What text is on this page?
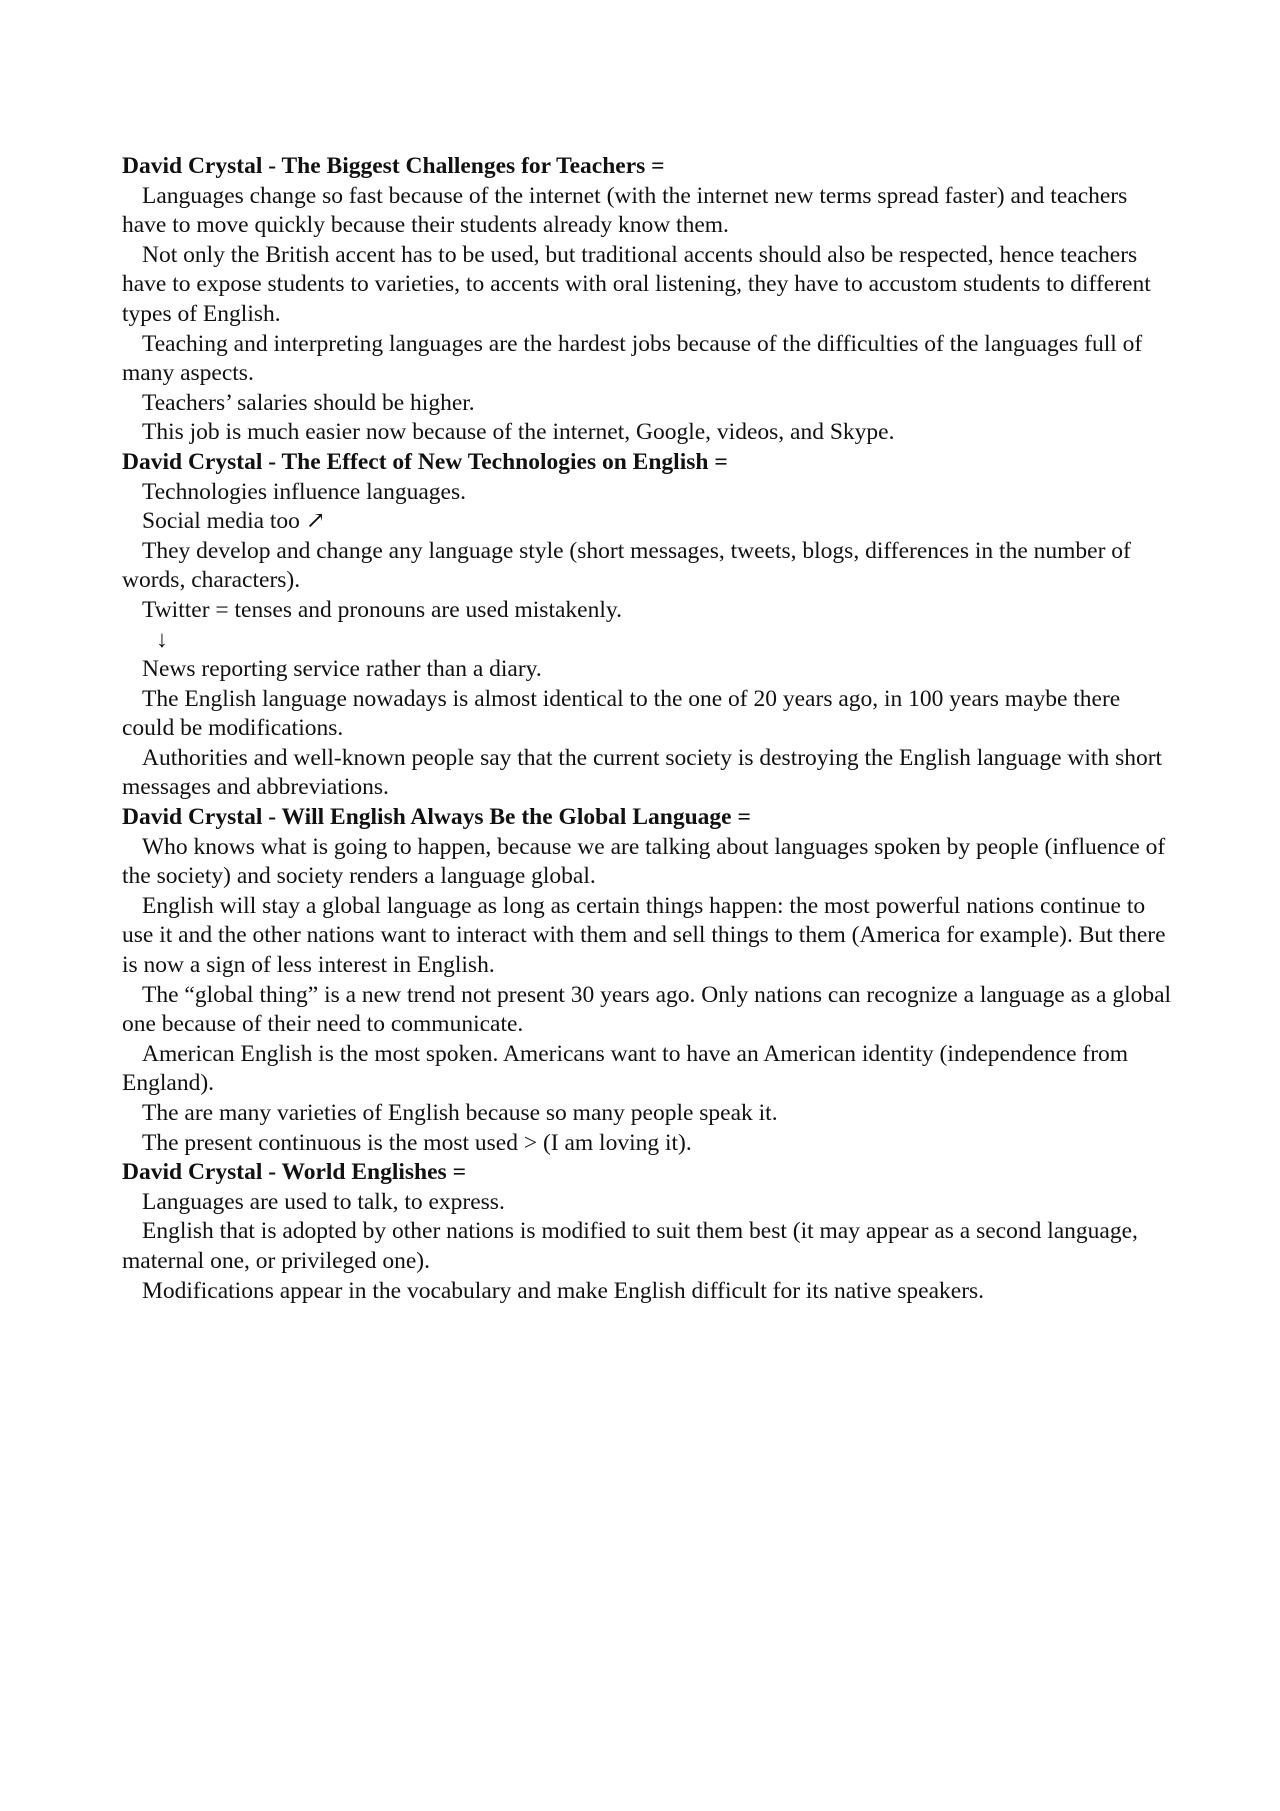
David Crystal - The Biggest Challenges for Teachers =

Languages change so fast because of the internet (with the internet new terms spread faster) and teachers have to move quickly because their students already know them.

Not only the British accent has to be used, but traditional accents should also be respected, hence teachers have to expose students to varieties, to accents with oral listening, they have to accustom students to different types of English.

Teaching and interpreting languages are the hardest jobs because of the difficulties of the languages full of many aspects.

Teachers’ salaries should be higher.

This job is much easier now because of the internet, Google, videos, and Skype.

David Crystal - The Effect of New Technologies on English =

Technologies influence languages.

Social media too ↗

They develop and change any language style (short messages, tweets, blogs, differences in the number of words, characters).

Twitter = tenses and pronouns are used mistakenly.

↓

News reporting service rather than a diary.

The English language nowadays is almost identical to the one of 20 years ago, in 100 years maybe there could be modifications.

Authorities and well-known people say that the current society is destroying the English language with short messages and abbreviations.

David Crystal - Will English Always Be the Global Language =

Who knows what is going to happen, because we are talking about languages spoken by people (influence of the society) and society renders a language global.

English will stay a global language as long as certain things happen: the most powerful nations continue to use it and the other nations want to interact with them and sell things to them (America for example). But there is now a sign of less interest in English.

The “global thing” is a new trend not present 30 years ago. Only nations can recognize a language as a global one because of their need to communicate.

American English is the most spoken. Americans want to have an American identity (independence from England).

The are many varieties of English because so many people speak it.

The present continuous is the most used > (I am loving it).

David Crystal - World Englishes =

Languages are used to talk, to express.

English that is adopted by other nations is modified to suit them best (it may appear as a second language, maternal one, or privileged one).

Modifications appear in the vocabulary and make English difficult for its native speakers.
